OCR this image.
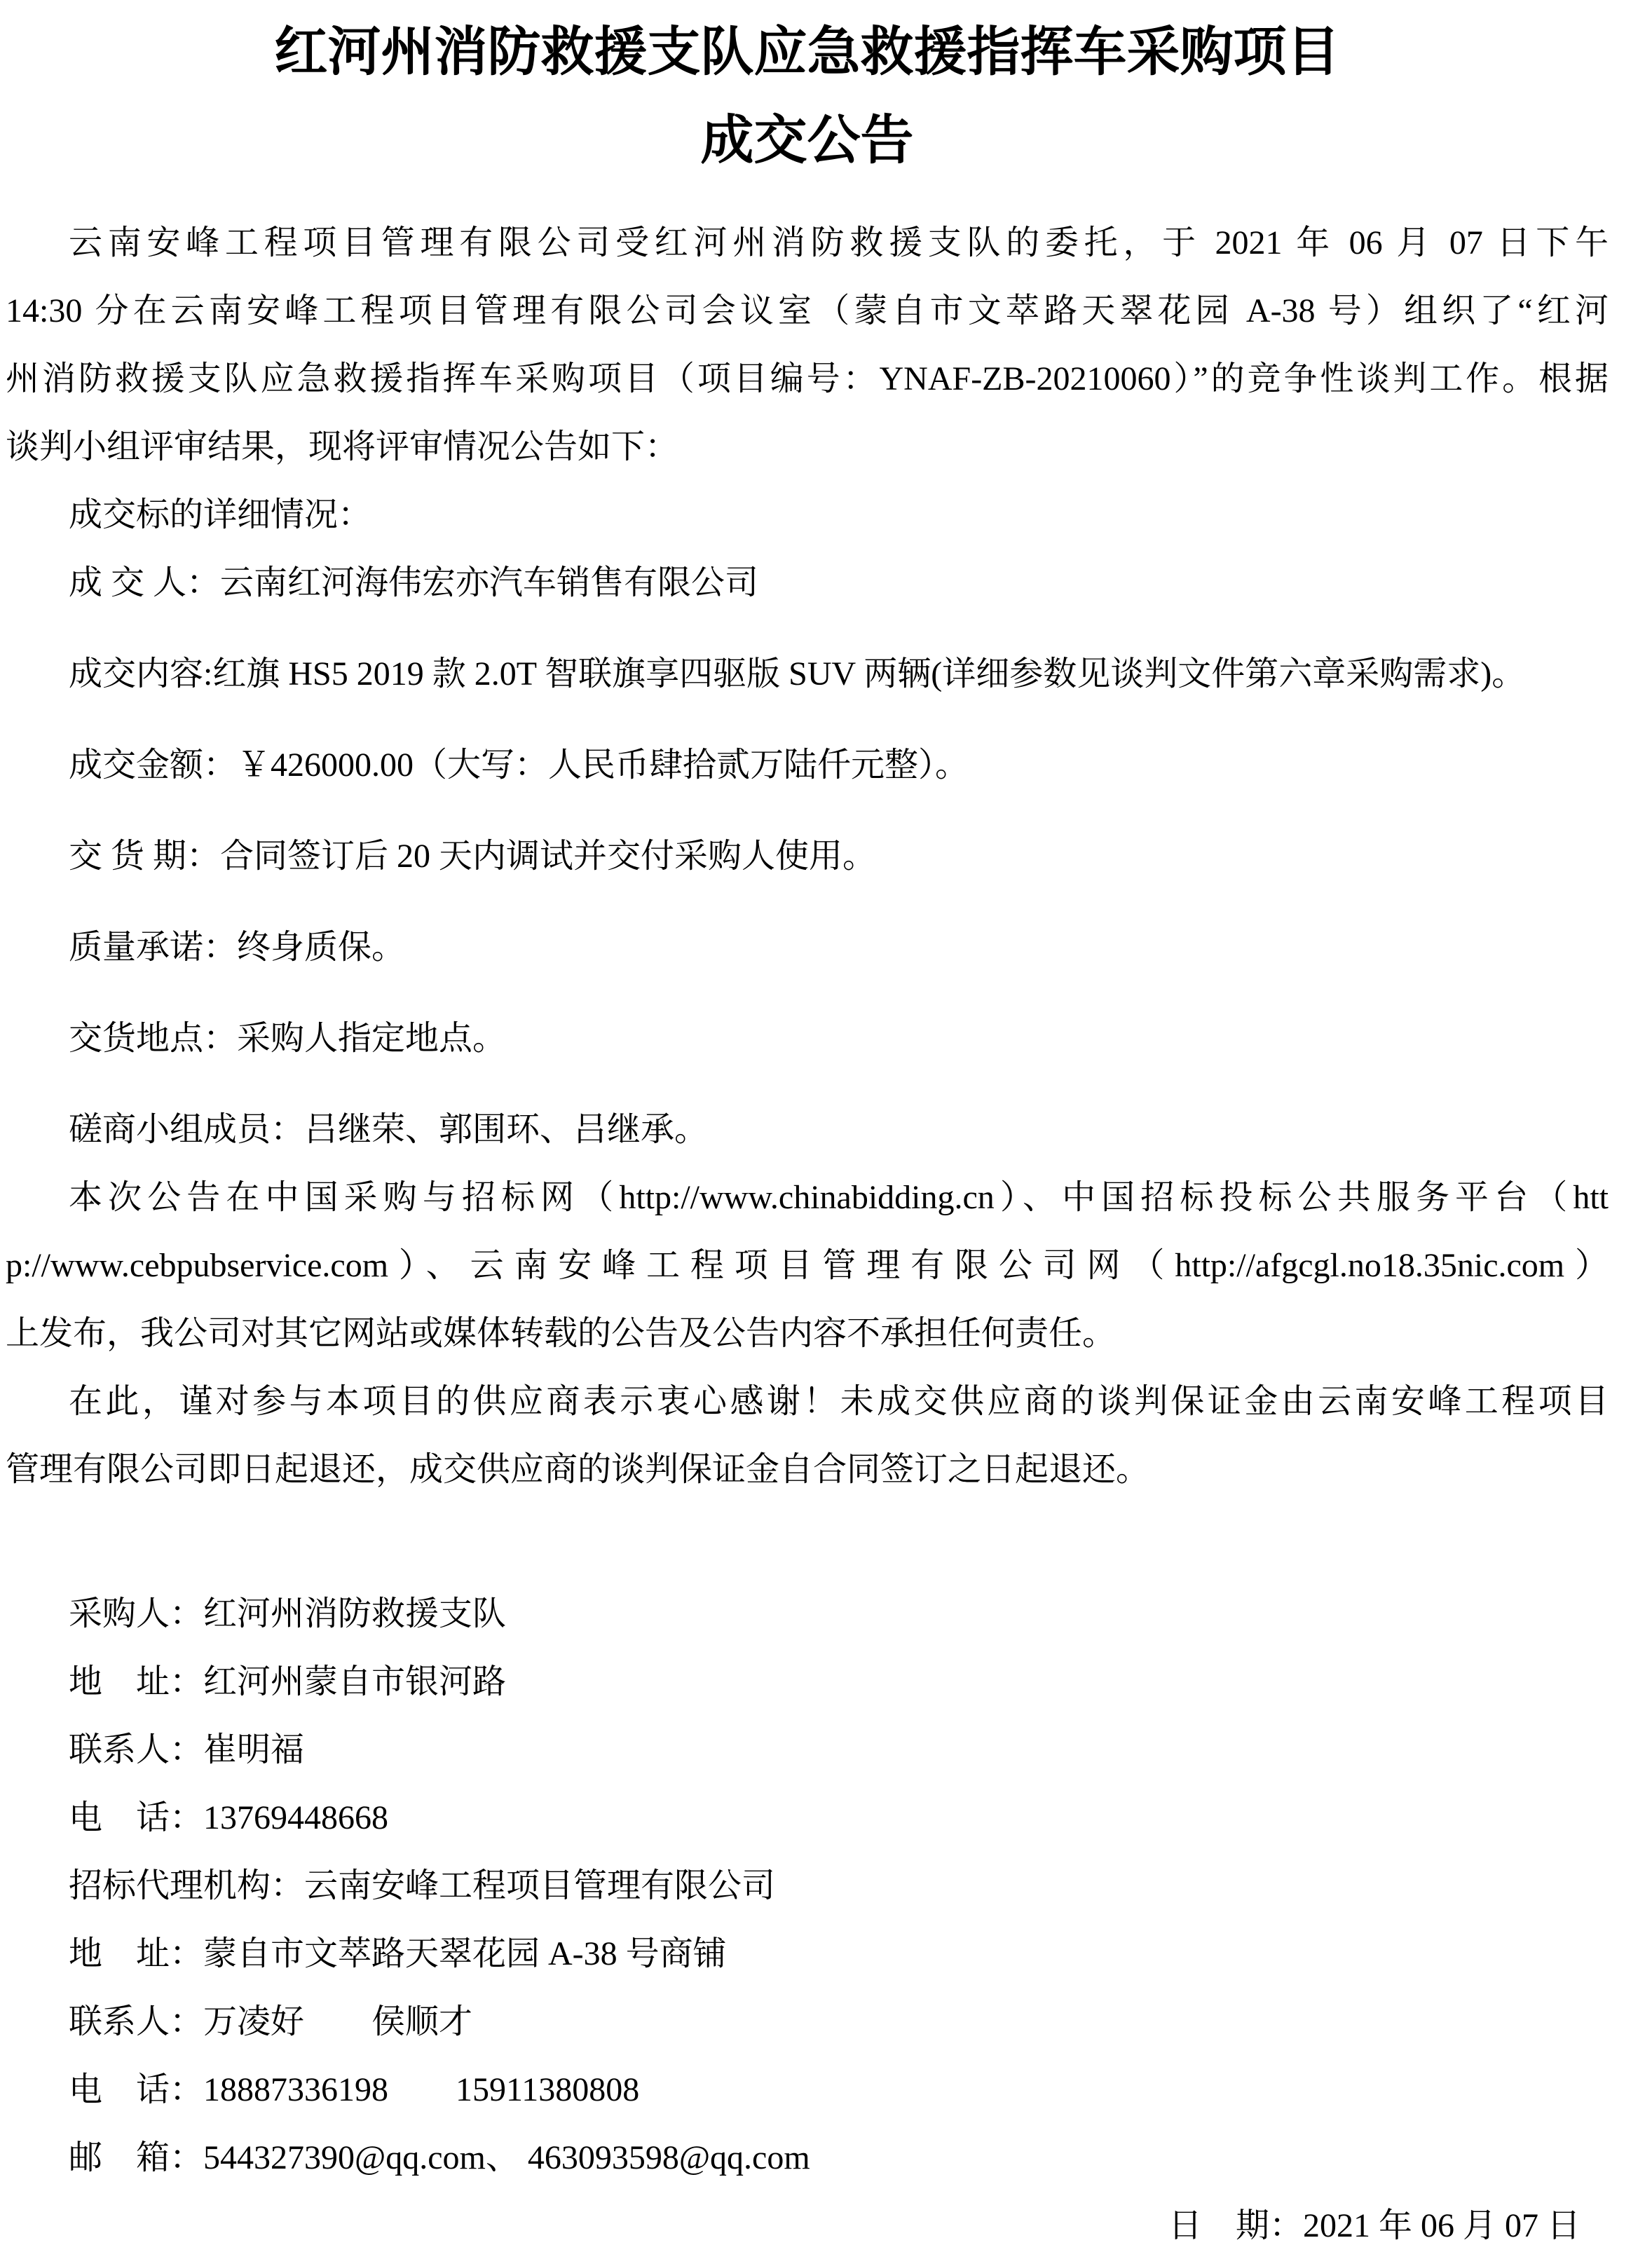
红河州消防救援支队应急救援指挥车采购项目
成交公告
云南安峰工程项目管理有限公司受红河州消防救援支队的委托，于 2021 年 06 月 07 日下午
14:30 分在云南安峰工程项目管理有限公司会议室（蒙自市文萃路天翠花园 A-38 号）组织了“红河
州消防救援支队应急救援指挥车采购项目（项目编号：YNAF-ZB-20210060）”的竞争性谈判工作。根据
谈判小组评审结果，现将评审情况公告如下：
成交标的详细情况：
成 交 人：云南红河海伟宏亦汽车销售有限公司
成交内容:红旗 HS5 2019 款 2.0T 智联旗享四驱版 SUV 两辆(详细参数见谈判文件第六章采购需求)。
成交金额：￥426000.00（大写：人民币肆拾贰万陆仟元整）。
交 货 期：合同签订后 20 天内调试并交付采购人使用。
质量承诺：终身质保。
交货地点：采购人指定地点。
磋商小组成员：吕继荣、郭围环、吕继承。
本次公告在中国采购与招标网（http://www.chinabidding.cn）、中国招标投标公共服务平台（htt
p://www.cebpubservice.com）、云南安峰工程项目管理有限公司网（http://afgcgl.no18.35nic.com）
上发布，我公司对其它网站或媒体转载的公告及公告内容不承担任何责任。
在此，谨对参与本项目的供应商表示衷心感谢！未成交供应商的谈判保证金由云南安峰工程项目
管理有限公司即日起退还，成交供应商的谈判保证金自合同签订之日起退还。
采购人：红河州消防救援支队
地　址：红河州蒙自市银河路
联系人：崔明福
电　话：13769448668
招标代理机构：云南安峰工程项目管理有限公司
地　址：蒙自市文萃路天翠花园 A-38 号商铺
联系人：万凌好　　侯顺才
电　话：18887336198　　15911380808
邮　箱：544327390@qq.com、 463093598@qq.com
日　期：2021 年 06 月 07 日
